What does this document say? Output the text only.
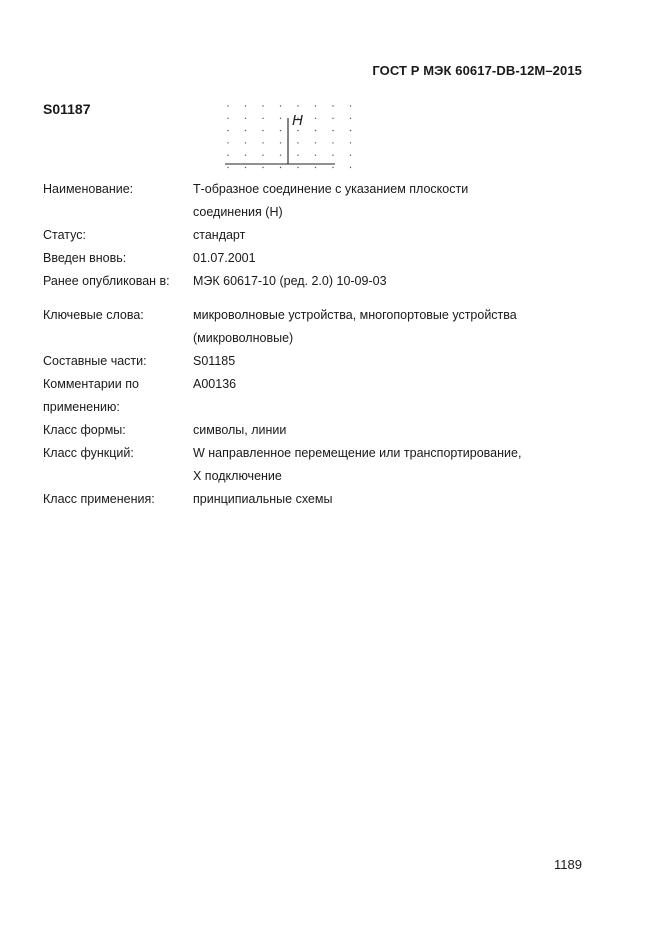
ГОСТ Р МЭК 60617-DB-12M–2015
S01187
H
Наименование:	Т-образное соединение с указанием плоскости
соединения (H)
Статус:	стандарт
Введен вновь:	01.07.2001
Ранее опубликован в:	МЭК 60617-10 (ред. 2.0) 10-09-03
Ключевые слова:	микроволновые устройства, многопортовые устройства
(микроволновые)
Составные части:	S01185
Комментарии по
применению:
A00136
Класс формы:	символы, линии
Класс функций:	W направленное перемещение или транспортирование,
X подключение
Класс применения:	принципиальные схемы
1189
